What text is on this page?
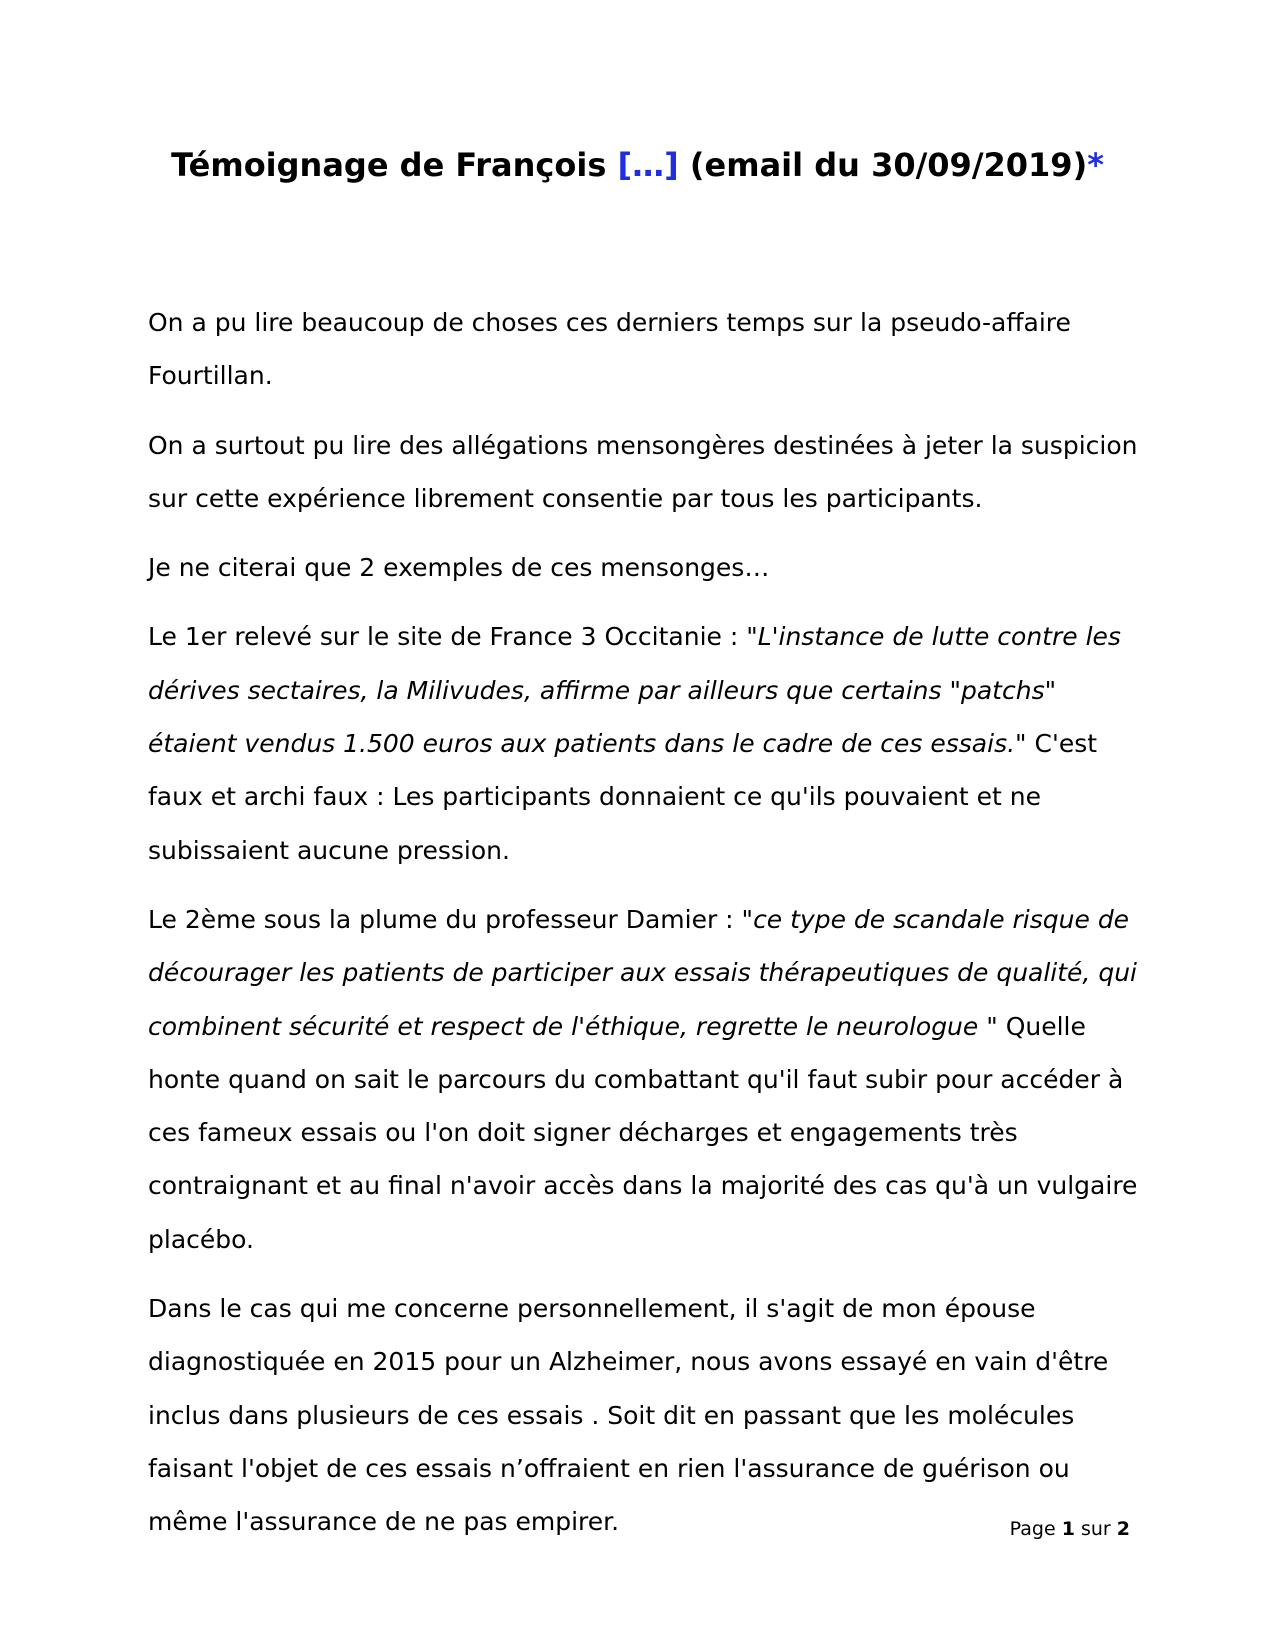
Témoignage de François […] (email du 30/09/2019)*

On a pu lire beaucoup de choses ces derniers temps sur la pseudo-affaire Fourtillan.

On a surtout pu lire des allégations mensongères destinées à jeter la suspicion sur cette expérience librement consentie par tous les participants.

Je ne citerai que 2 exemples de ces mensonges…

Le 1er relevé sur le site de France 3 Occitanie : "L'instance de lutte contre les dérives sectaires, la Milivudes, affirme par ailleurs que certains "patchs" étaient vendus 1.500 euros aux patients dans le cadre de ces essais." C'est faux et archi faux : Les participants donnaient ce qu'ils pouvaient et ne subissaient aucune pression.

Le 2ème sous la plume du professeur Damier : "ce type de scandale risque de décourager les patients de participer aux essais thérapeutiques de qualité, qui combinent sécurité et respect de l'éthique, regrette le neurologue " Quelle honte quand on sait le parcours du combattant qu'il faut subir pour accéder à ces fameux essais ou l'on doit signer décharges et engagements très contraignant et au final n'avoir accès dans la majorité des cas qu'à un vulgaire placébo.

Dans le cas qui me concerne personnellement, il s'agit de mon épouse diagnostiquée en 2015 pour un Alzheimer, nous avons essayé en vain d'être inclus dans plusieurs de ces essais . Soit dit en passant que les molécules faisant l'objet de ces essais n’offraient en rien l'assurance de guérison ou même l'assurance de ne pas empirer.	Page 1 sur 2
